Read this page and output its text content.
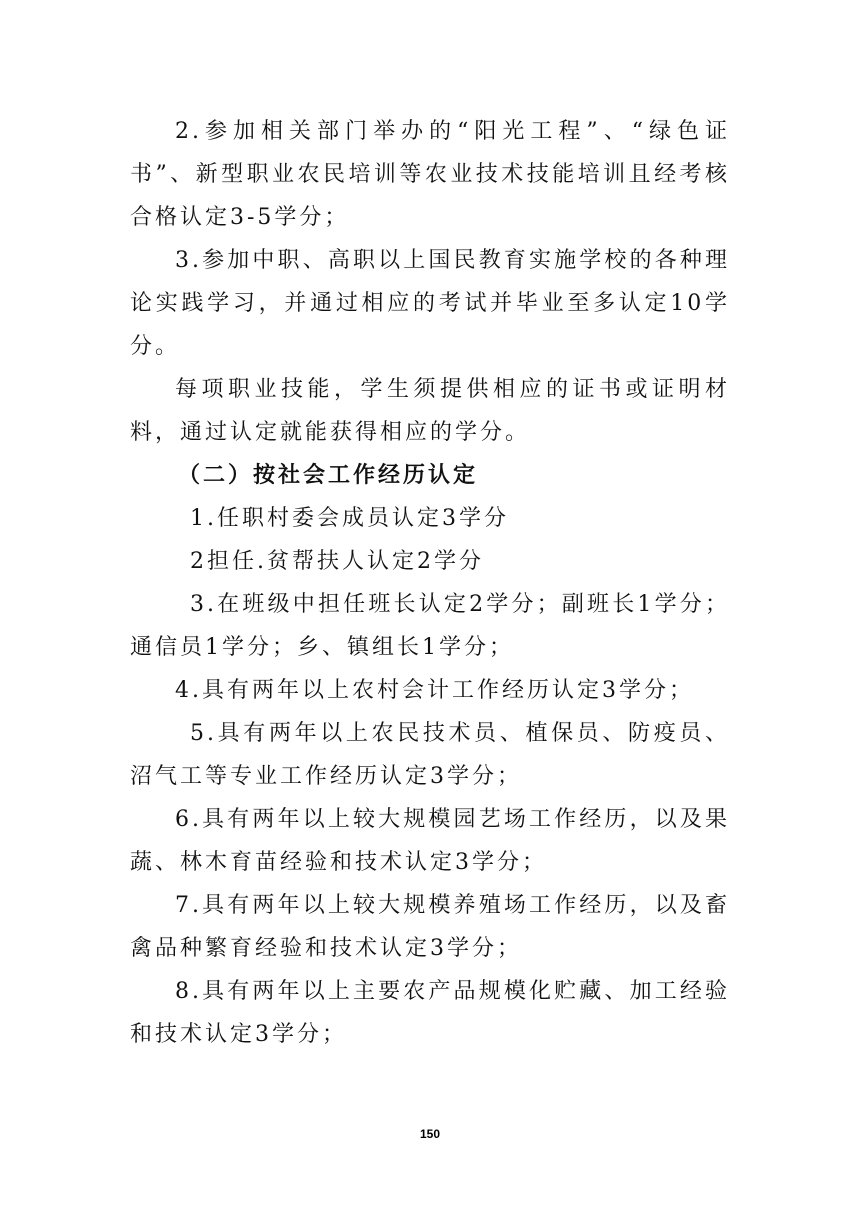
2.参加相关部门举办的“阳光工程”、“绿色证书”、新型职业农民培训等农业技术技能培训且经考核合格认定3-5学分；

3.参加中职、高职以上国民教育实施学校的各种理论实践学习，并通过相应的考试并毕业至多认定10学分。

每项职业技能，学生须提供相应的证书或证明材料，通过认定就能获得相应的学分。

（二）按社会工作经历认定

1.任职村委会成员认定3学分

2担任.贫帮扶人认定2学分

3.在班级中担任班长认定2学分；副班长1学分；通信员1学分；乡、镇组长1学分；

4.具有两年以上农村会计工作经历认定3学分；

5.具有两年以上农民技术员、植保员、防疫员、沼气工等专业工作经历认定3学分；

6.具有两年以上较大规模园艺场工作经历，以及果蔬、林木育苗经验和技术认定3学分；

7.具有两年以上较大规模养殖场工作经历，以及畜禽品种繁育经验和技术认定3学分；

8.具有两年以上主要农产品规模化贮藏、加工经验和技术认定3学分；

150
